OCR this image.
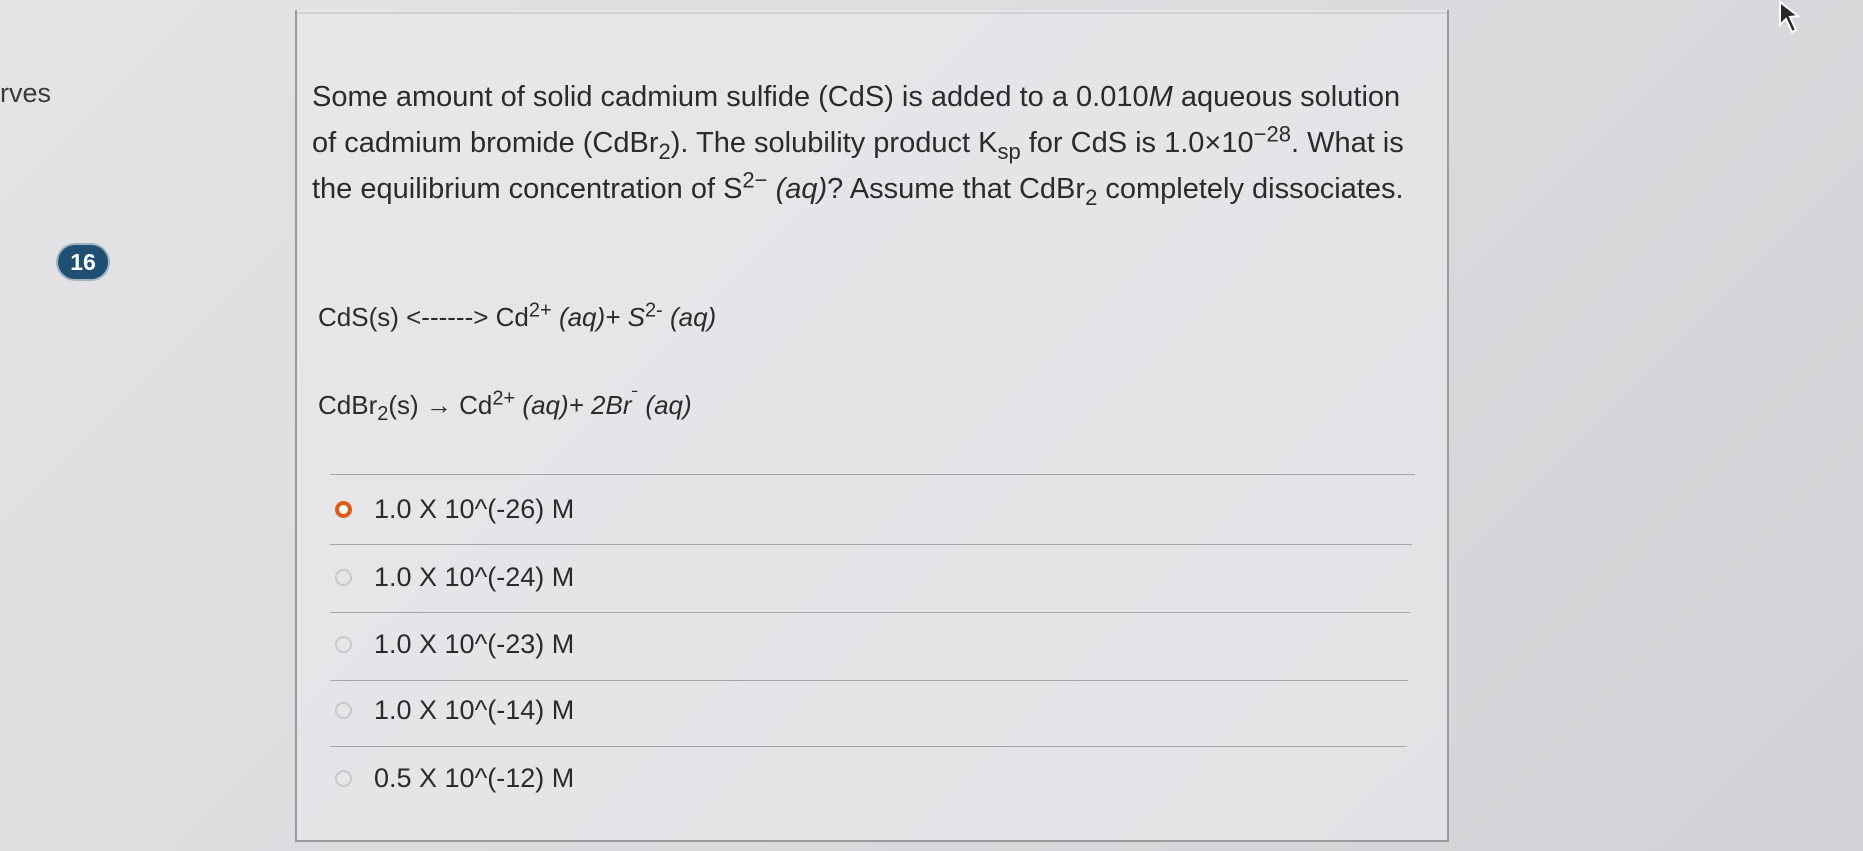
rves
16
Some amount of solid cadmium sulfide (CdS) is added to a 0.010M aqueous solution of cadmium bromide (CdBr$_2$). The solubility product $K_{sp}$ for CdS is $1.0\times 10^{-28}$. What is the equilibrium concentration of $S^{2-}$ (aq)? Assume that CdBr$_2$ completely dissociates.
CdS(s) <------> $Cd^{2+}$ $(aq)+ S^{2-}$ (aq)
CdBr$_2$(s) → $Cd^{2+}$ $(aq)+ 2Br^ˉ$ (aq)
1.0 X 10^(-26) M
1.0 X 10^(-24) M
1.0 X 10^(-23) M
1.0 X 10^(-14) M
0.5 X 10^(-12) M
